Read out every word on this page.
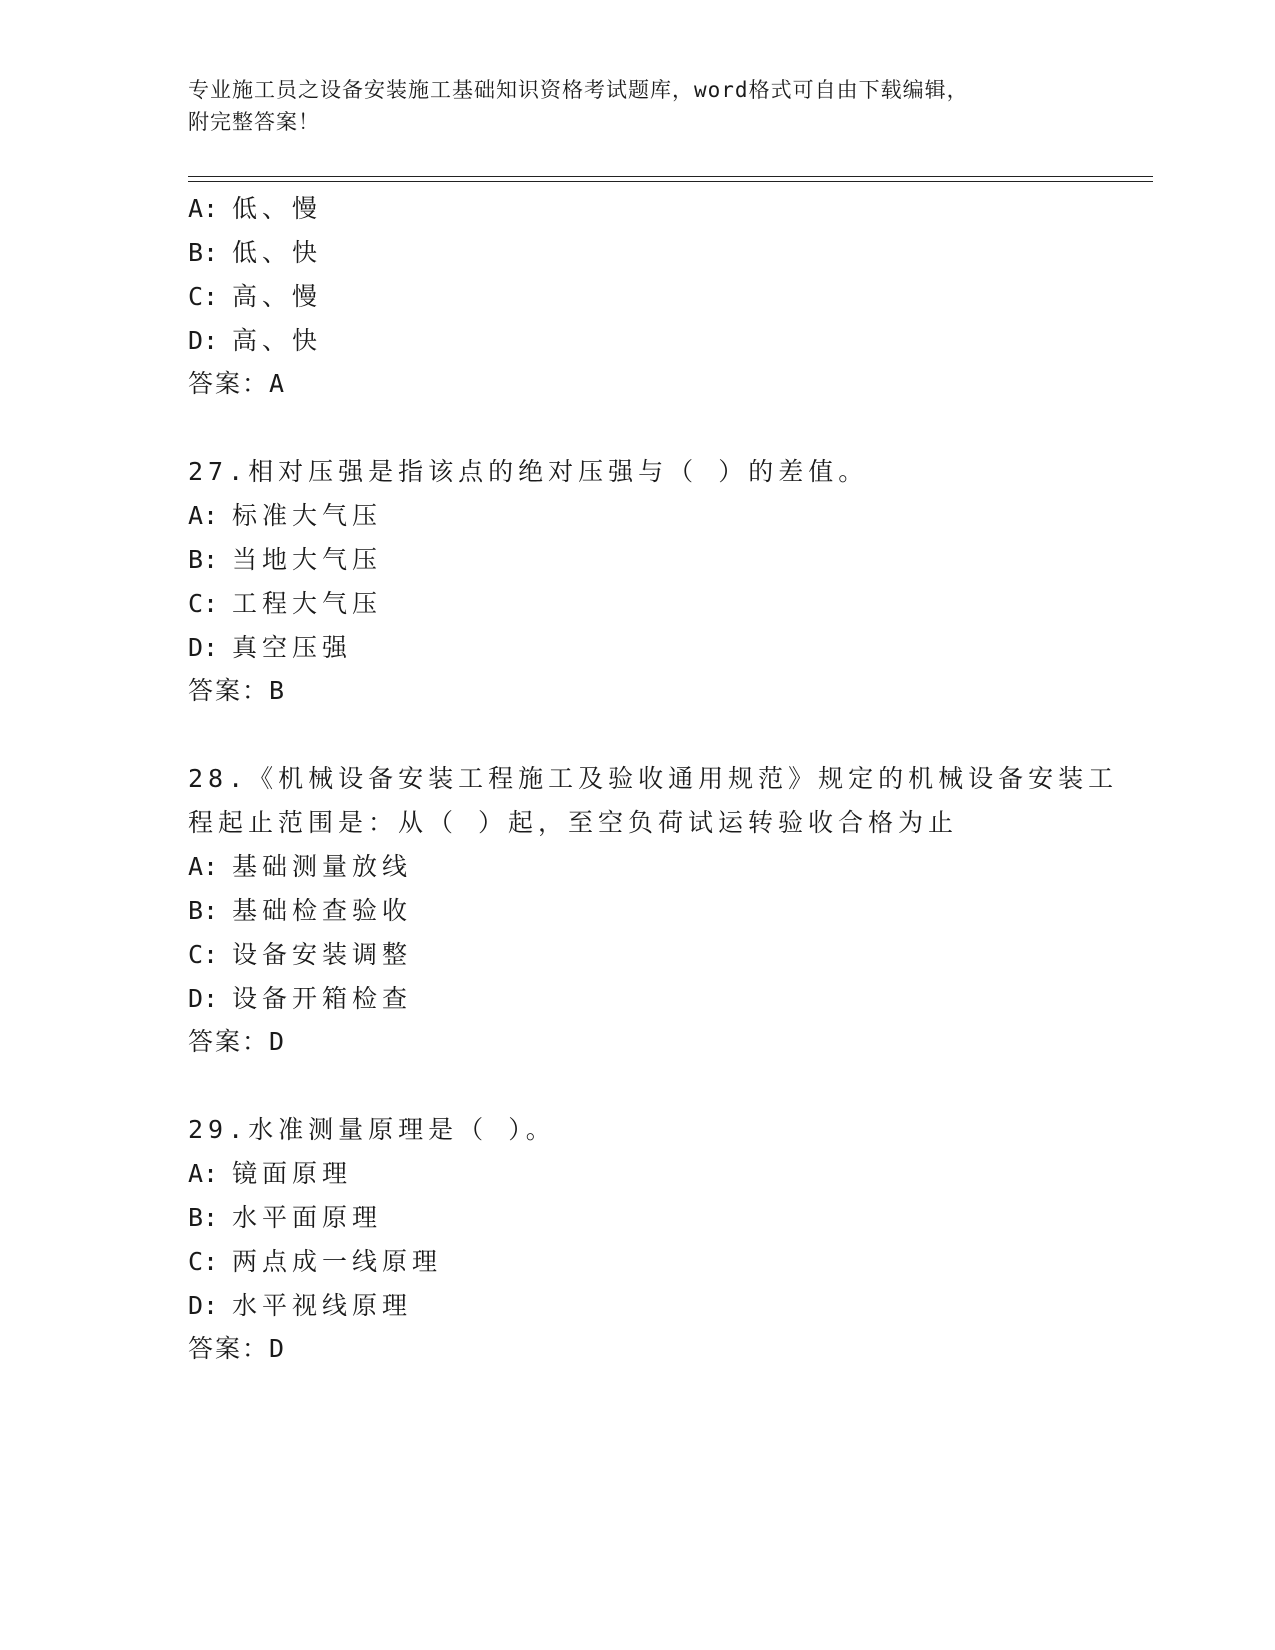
专业施工员之设备安装施工基础知识资格考试题库，word格式可自由下载编辑，
附完整答案！
A: 低、慢
B: 低、快
C: 高、慢
D: 高、快
答案：A
27.相对压强是指该点的绝对压强与（ ）的差值。
A: 标准大气压
B: 当地大气压
C: 工程大气压
D: 真空压强
答案：B
28.《机械设备安装工程施工及验收通用规范》规定的机械设备安装工
程起止范围是：从（ ）起，至空负荷试运转验收合格为止
A: 基础测量放线
B: 基础检查验收
C: 设备安装调整
D: 设备开箱检查
答案：D
29.水准测量原理是（ ）。
A: 镜面原理
B: 水平面原理
C: 两点成一线原理
D: 水平视线原理
答案：D
